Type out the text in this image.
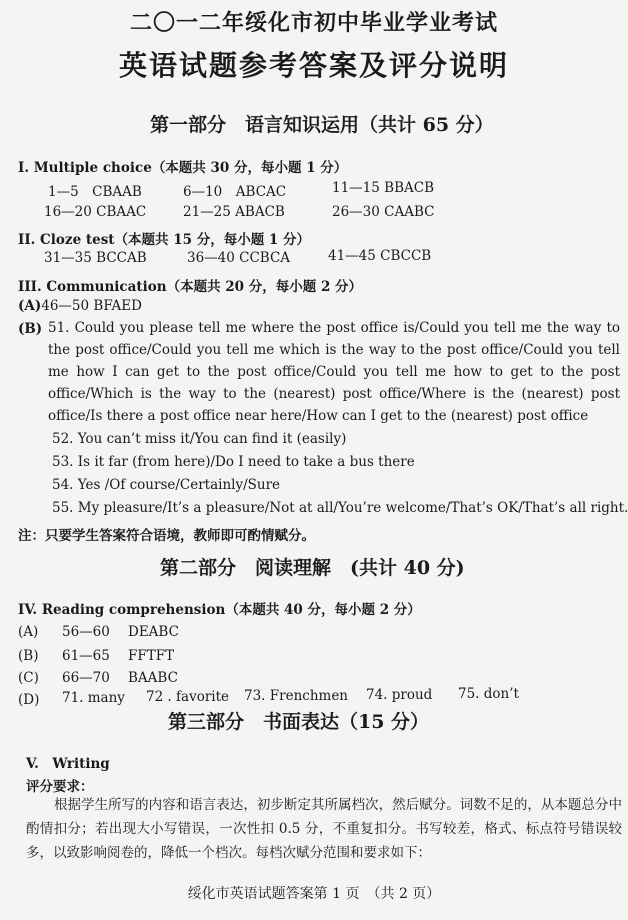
二〇一二年绥化市初中毕业学业考试
英语试题参考答案及评分说明
第一部分　语言知识运用（共计 65 分）
I. Multiple choice（本题共 30 分，每小题 1 分）
1—5　CBAAB	6—10　ABCAC	11—15 BBACB
16—20 CBAAC	21—25 ABACB	26—30 CAABC
II. Cloze test（本题共 15 分，每小题 1 分）
31—35 BCCAB	36—40 CCBCA	41—45 CBCCB
III. Communication（本题共 20 分，每小题 2 分）
(A)46—50 BFAED
(B) 51. Could you please tell me where the post office is/Could you tell me the way to the post office/Could you tell me which is the way to the post office/Could you tell me how I can get to the post office/Could you tell me how to get to the post office/Which is the way to the (nearest) post office/Where is the (nearest) post office/Is there a post office near here/How can I get to the (nearest) post office
52. You can’t miss it/You can find it (easily)
53. Is it far (from here)/Do I need to take a bus there
54. Yes /Of course/Certainly/Sure
55. My pleasure/It’s a pleasure/Not at all/You’re welcome/That’s OK/That’s all right.
注：只要学生答案符合语境，教师即可酌情赋分。
第二部分　阅读理解　(共计 40 分)
IV. Reading comprehension（本题共 40 分，每小题 2 分）
(A) 56—60 DEABC
(B) 61—65 FFTFT
(C) 66—70 BAABC
(D) 71. many 72 . favorite 73. Frenchmen 74. proud 75. don’t
第三部分　书面表达（15 分）
V.　Writing
评分要求：
根据学生所写的内容和语言表达，初步断定其所属档次，然后赋分。词数不足的，从本题总分中酌情扣分；若出现大小写错误，一次性扣 0.5 分，不重复扣分。书写较差，格式、标点符号错误较多，以致影响阅卷的，降低一个档次。每档次赋分范围和要求如下：
绥化市英语试题答案第 1 页　（共 2 页）
